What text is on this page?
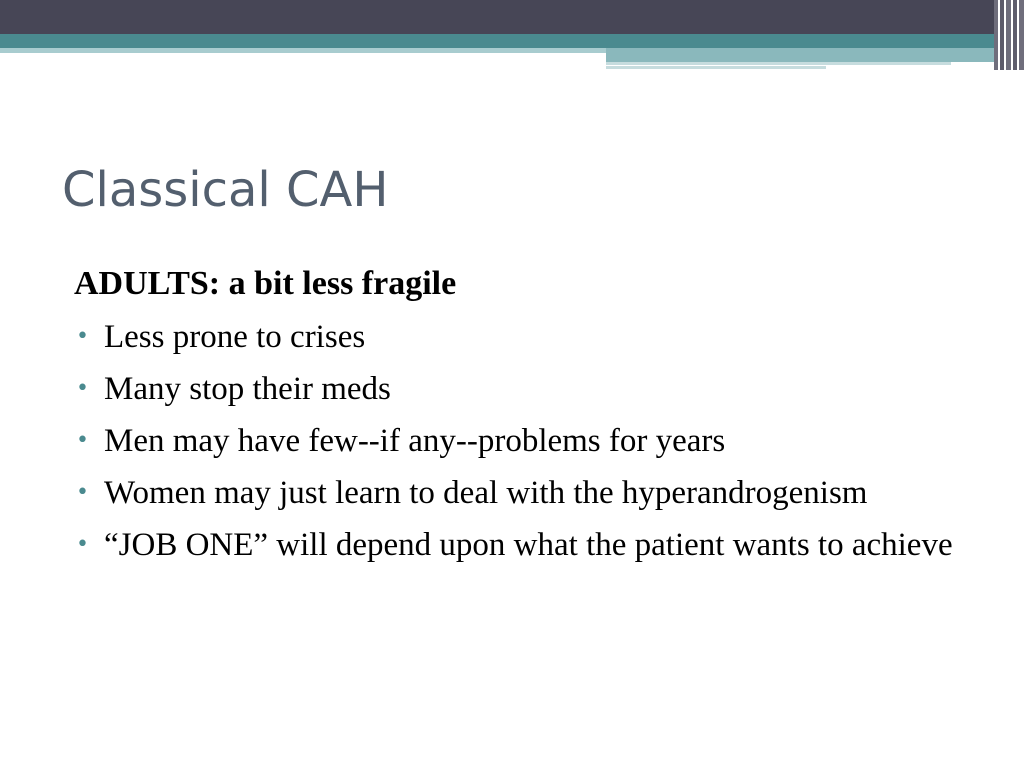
Classical CAH

ADULTS: a bit less fragile

• Less prone to crises
• Many stop their meds
• Men may have few--if any--problems for years
• Women may just learn to deal with the hyperandrogenism
• “JOB ONE” will depend upon what the patient wants to achieve
